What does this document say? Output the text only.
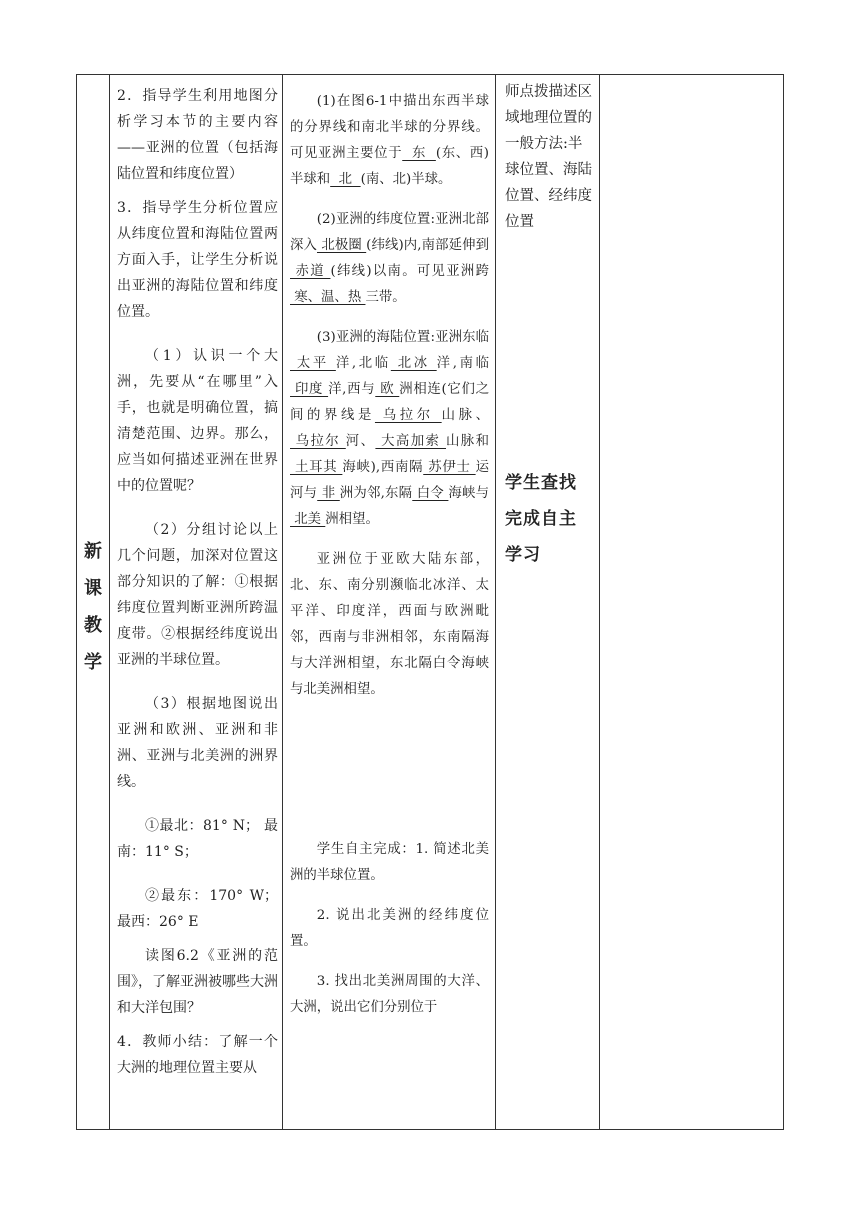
新
课
教
学

2．指导学生利用地图分析学习本节的主要内容——亚洲的位置（包括海陆位置和纬度位置）

3．指导学生分析位置应从纬度位置和海陆位置两方面入手，让学生分析说出亚洲的海陆位置和纬度位置。

（1）认识一个大洲，先要从“在哪里”入手，也就是明确位置，搞清楚范围、边界。那么，应当如何描述亚洲在世界中的位置呢？

（2）分组讨论以上几个问题，加深对位置这部分知识的了解：①根据纬度位置判断亚洲所跨温度带。②根据经纬度说出亚洲的半球位置。

（3）根据地图说出亚洲和欧洲、亚洲和非洲、亚洲与北美洲的洲界线。

①最北：81° N； 最南：11° S；

②最东：170° W；最西：26° E

读图6.2《亚洲的范围》，了解亚洲被哪些大洲和大洋包围？

4．教师小结：了解一个大洲的地理位置主要从

(1)在图6-1中描出东西半球的分界线和南北半球的分界线。可见亚洲主要位于  东  (东、西)半球和  北  (南、北)半球。

(2)亚洲的纬度位置:亚洲北部深入 北极圈 (纬线)内,南部延伸到 赤道 (纬线)以南。可见亚洲跨 寒、温、热 三带。

(3)亚洲的海陆位置:亚洲东临 太平 洋,北临 北冰 洋,南临 印度 洋,西与 欧 洲相连(它们之间的界线是 乌拉尔 山脉、 乌拉尔 河、 大高加索 山脉和 土耳其 海峡),西南隔 苏伊士 运河与 非 洲为邻,东隔 白令 海峡与 北美 洲相望。

亚洲位于亚欧大陆东部，北、东、南分别濒临北冰洋、太平洋、印度洋，西面与欧洲毗邻，西南与非洲相邻，东南隔海与大洋洲相望，东北隔白令海峡与北美洲相望。

学生自主完成：1. 简述北美洲的半球位置。

2. 说出北美洲的经纬度位置。

3. 找出北美洲周围的大洋、大洲，说出它们分别位于

师点拨描述区域地理位置的一般方法:半球位置、海陆位置、经纬度位置

学生查找完成自主学习
